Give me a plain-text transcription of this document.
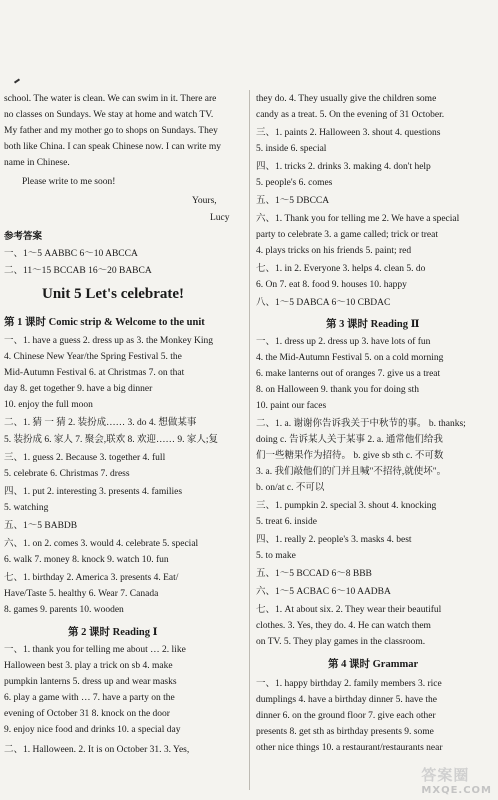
school. The water is clean. We can swim in it. There are
no classes on Sundays. We stay at home and watch TV.
My father and my mother go to shops on Sundays. They
both like China. I can speak Chinese now. I can write my
name in Chinese.
Please write to me soon!
Yours,
Lucy
参考答案
一、1～5 AABBC 6～10 ABCCA
二、11～15 BCCAB 16～20 BABCA
Unit 5 Let's celebrate!
第 1 课时 Comic strip & Welcome to the unit
一、1. have a guess 2. dress up as 3. the Monkey King
4. Chinese New Year/the Spring Festival 5. the
Mid-Autumn Festival 6. at Christmas 7. on that
day 8. get together 9. have a big dinner
10. enjoy the full moon
二、1. 猜 一 猜 2. 装扮成…… 3. do 4. 想做某事
5. 装扮成 6. 家人 7. 聚会,联欢 8. 欢迎…… 9. 家人;复
三、1. guess 2. Because 3. together 4. full
5. celebrate 6. Christmas 7. dress
四、1. put 2. interesting 3. presents 4. families
5. watching
五、1～5 BABDB
六、1. on 2. comes 3. would 4. celebrate 5. special
6. walk 7. money 8. knock 9. watch 10. fun
七、1. birthday 2. America 3. presents 4. Eat/
Have/Taste 5. healthy 6. Wear 7. Canada
8. games 9. parents 10. wooden
第 2 课时 Reading Ⅰ
一、1. thank you for telling me about … 2. like
Halloween best 3. play a trick on sb 4. make
pumpkin lanterns 5. dress up and wear masks
6. play a game with … 7. have a party on the
evening of October 31 8. knock on the door
9. enjoy nice food and drinks 10. a special day
二、1. Halloween. 2. It is on October 31. 3. Yes,
they do. 4. They usually give the children some
candy as a treat. 5. On the evening of 31 October.
三、1. paints 2. Halloween 3. shout 4. questions
5. inside 6. special
四、1. tricks 2. drinks 3. making 4. don't help
5. people's 6. comes
五、1～5 DBCCA
六、1. Thank you for telling me 2. We have a special
party to celebrate 3. a game called; trick or treat
4. plays tricks on his friends 5. paint; red
七、1. in 2. Everyone 3. helps 4. clean 5. do
6. On 7. eat 8. food 9. houses 10. happy
八、1～5 DABCA 6～10 CBDAC
第 3 课时 Reading Ⅱ
一、1. dress up 2. dress up 3. have lots of fun
4. the Mid-Autumn Festival 5. on a cold morning
6. make lanterns out of oranges 7. give us a treat
8. on Halloween 9. thank you for doing sth
10. paint our faces
二、1. a. 谢谢你告诉我关于中秋节的事。 b. thanks;
doing c. 告诉某人关于某事 2. a. 通常他们给我
们一些糖果作为招待。 b. give sb sth c. 不可数
3. a. 我们敲他们的门并且喊"不招待,就使坏"。
b. on/at c. 不可以
三、1. pumpkin 2. special 3. shout 4. knocking
5. treat 6. inside
四、1. really 2. people's 3. masks 4. best
5. to make
五、1～5 BCCAD 6～8 BBB
六、1～5 ACBAC 6～10 AADBA
七、1. At about six. 2. They wear their beautiful
clothes. 3. Yes, they do. 4. He can watch them
on TV. 5. They play games in the classroom.
第 4 课时 Grammar
一、1. happy birthday 2. family members 3. rice
dumplings 4. have a birthday dinner 5. have the
dinner 6. on the ground floor 7. give each other
presents 8. get sth as birthday presents 9. some
other nice things 10. a restaurant/restaurants near
答案圈
MXQE.COM
